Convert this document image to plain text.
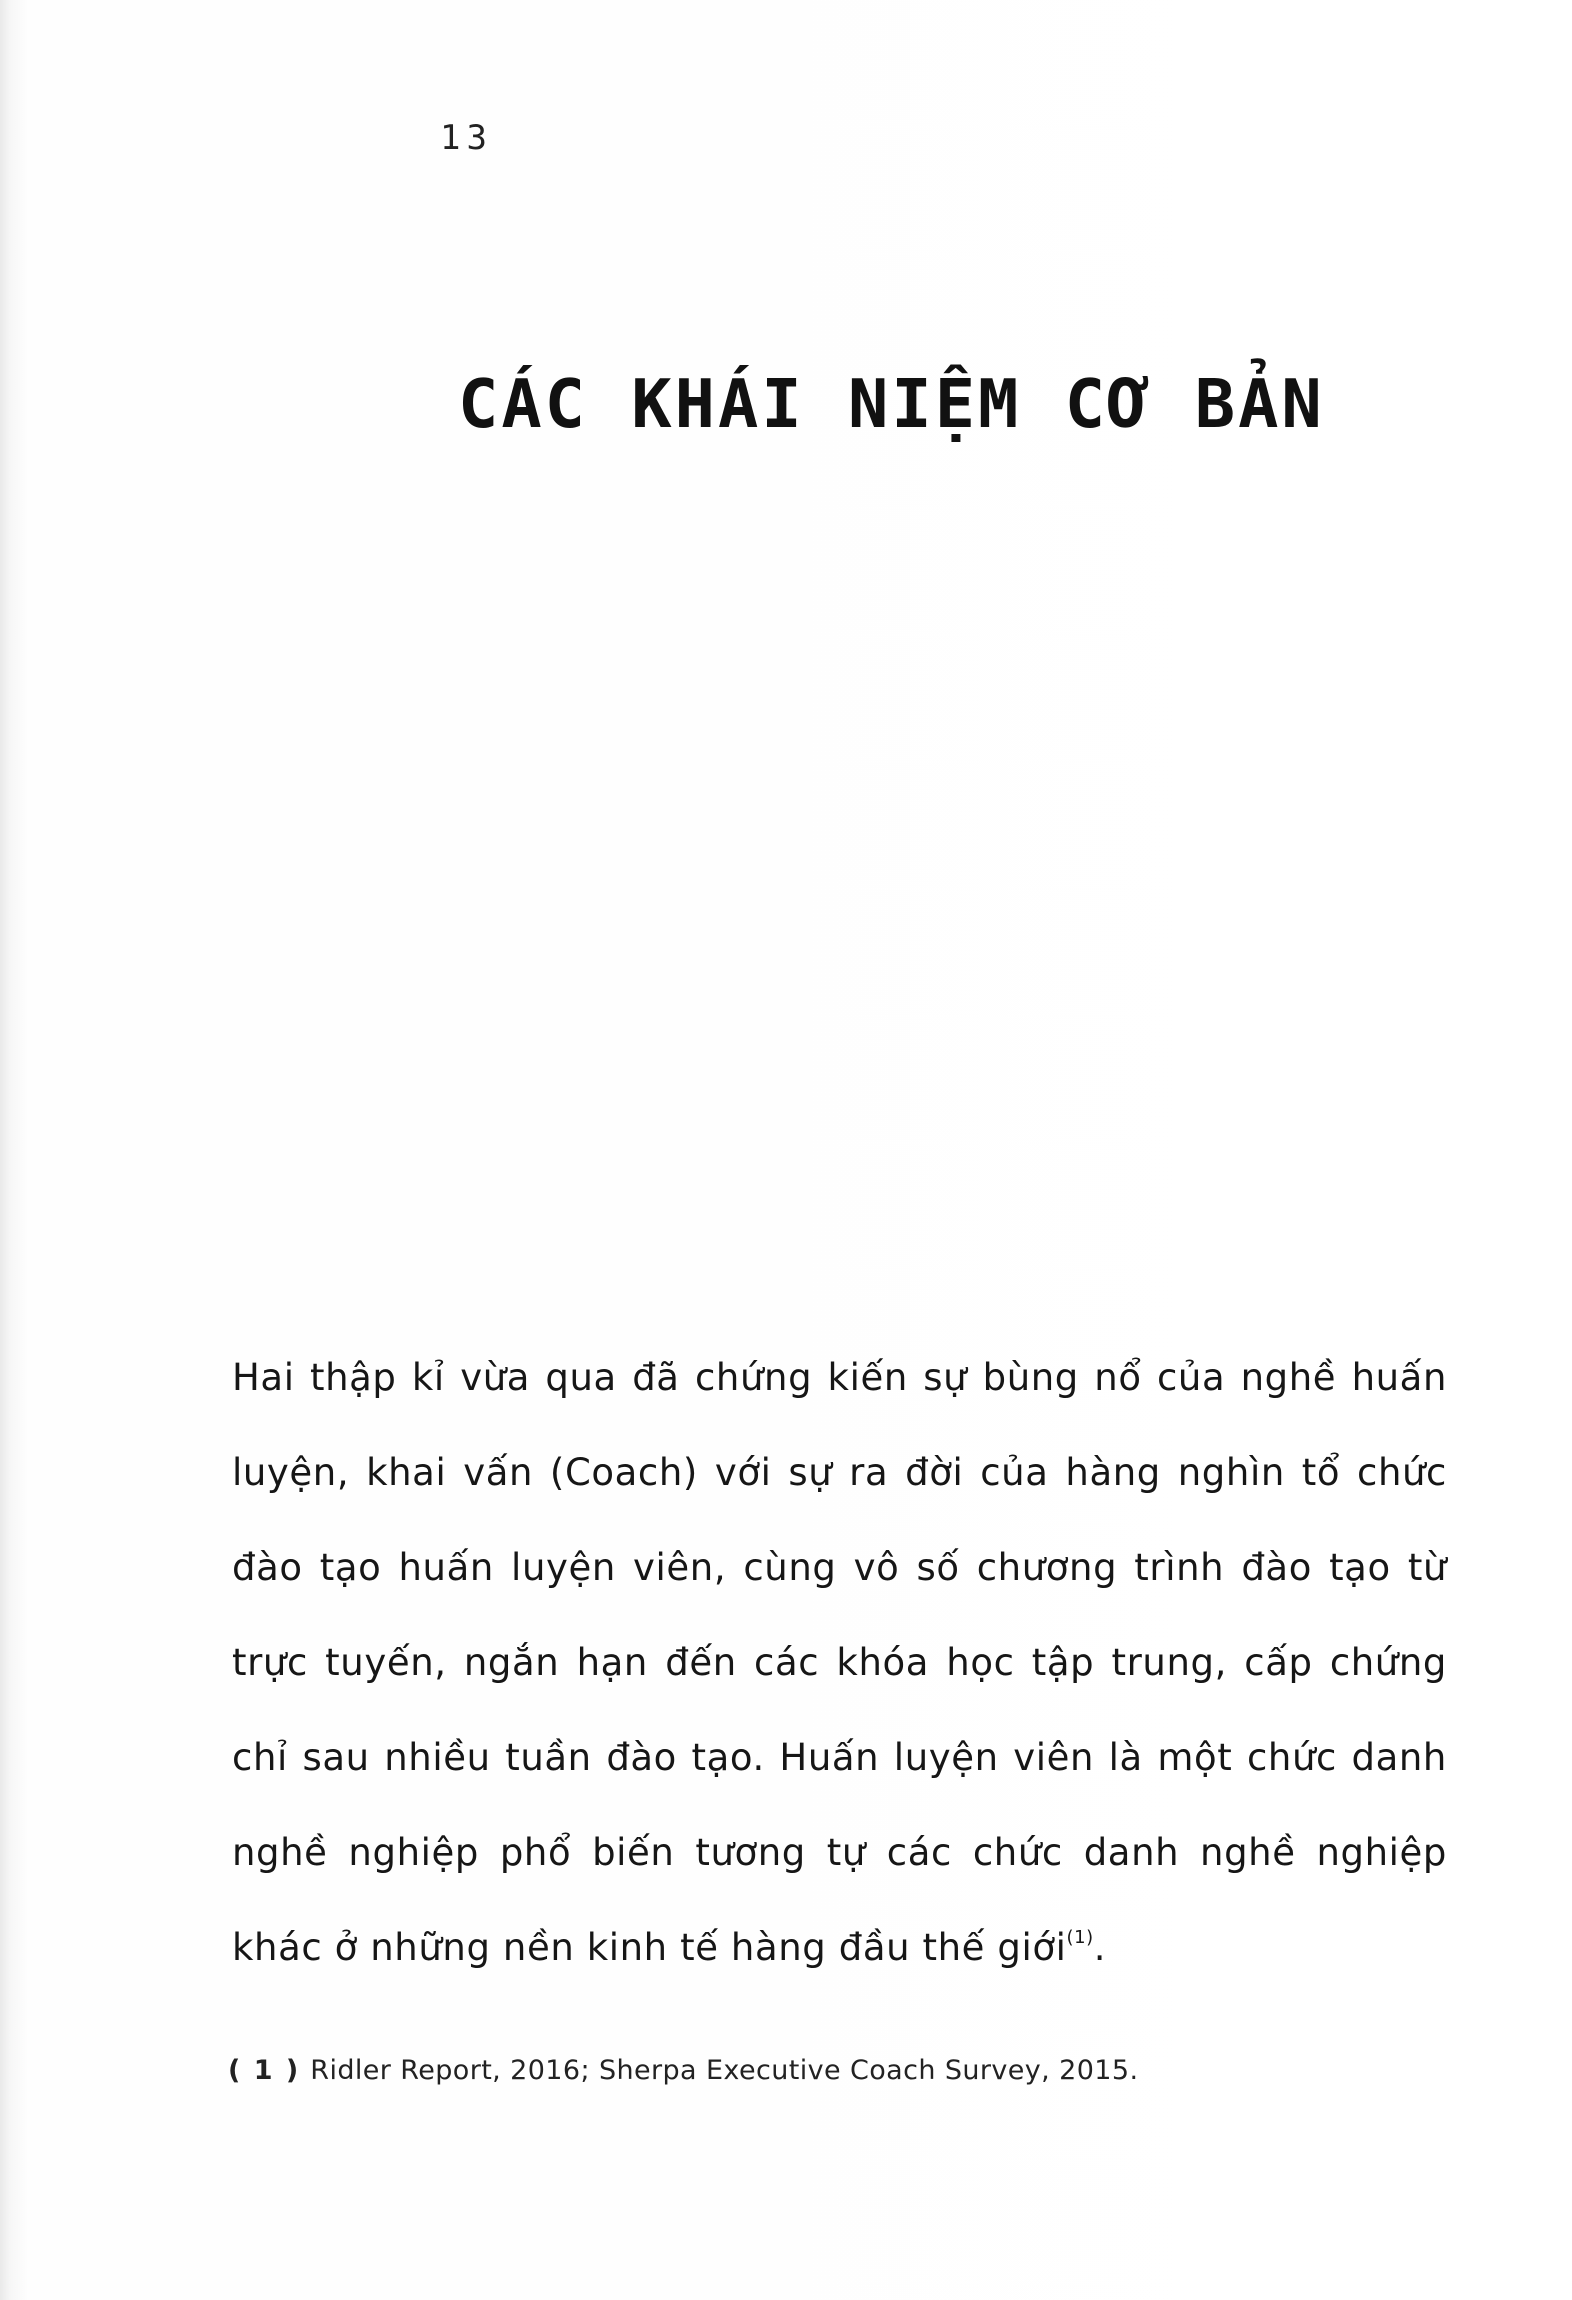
13
CÁC KHÁI NIỆM CƠ BẢN

Hai thập kỉ vừa qua đã chứng kiến sự bùng nổ của nghề huấn luyện, khai vấn (Coach) với sự ra đời của hàng nghìn tổ chức đào tạo huấn luyện viên, cùng vô số chương trình đào tạo từ trực tuyến, ngắn hạn đến các khóa học tập trung, cấp chứng chỉ sau nhiều tuần đào tạo. Huấn luyện viên là một chức danh nghề nghiệp phổ biến tương tự các chức danh nghề nghiệp khác ở những nền kinh tế hàng đầu thế giới$^{(1)}$.

( 1 ) Ridler Report, 2016; Sherpa Executive Coach Survey, 2015.
